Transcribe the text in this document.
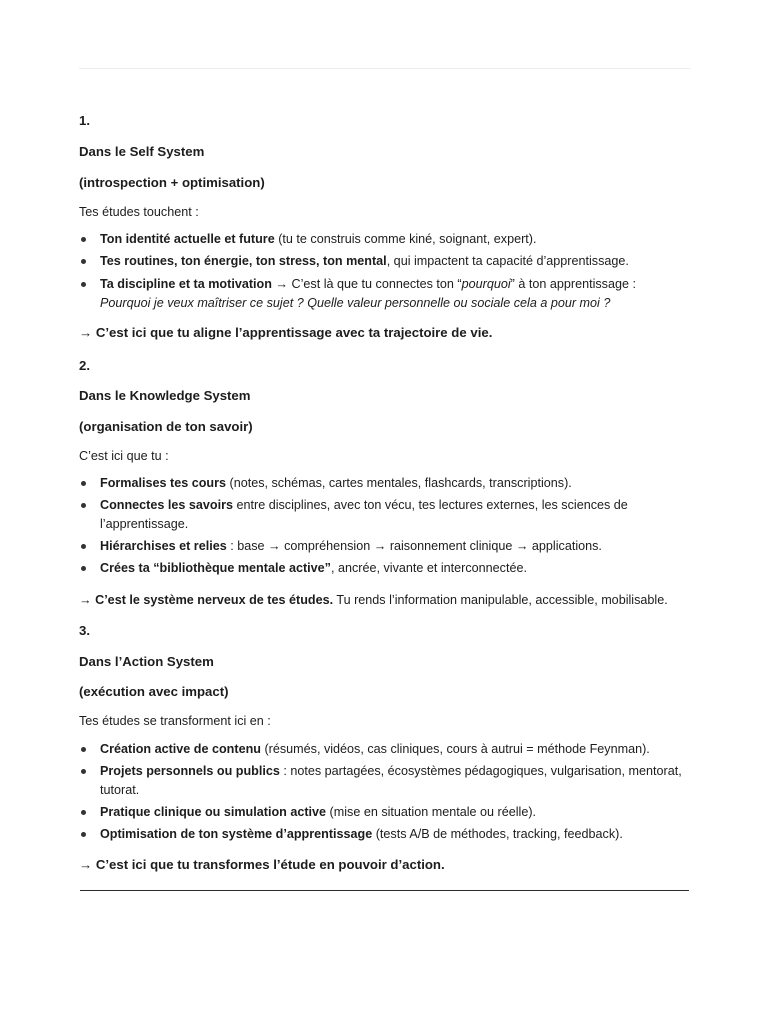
1.
Dans le Self System
(introspection + optimisation)
Tes études touchent :
Ton identité actuelle et future (tu te construis comme kiné, soignant, expert).
Tes routines, ton énergie, ton stress, ton mental, qui impactent ta capacité d’apprentissage.
Ta discipline et ta motivation → C’est là que tu connectes ton “pourquoi” à ton apprentissage :
Pourquoi je veux maîtriser ce sujet ? Quelle valeur personnelle ou sociale cela a pour moi ?
→ C’est ici que tu aligne l’apprentissage avec ta trajectoire de vie.
2.
Dans le Knowledge System
(organisation de ton savoir)
C’est ici que tu :
Formalises tes cours (notes, schémas, cartes mentales, flashcards, transcriptions).
Connectes les savoirs entre disciplines, avec ton vécu, tes lectures externes, les sciences de l’apprentissage.
Hiérarchises et relies : base → compréhension → raisonnement clinique → applications.
Crées ta “bibliothèque mentale active”, ancrée, vivante et interconnectée.
→ C’est le système nerveux de tes études. Tu rends l’information manipulable, accessible, mobilisable.
3.
Dans l’Action System
(exécution avec impact)
Tes études se transforment ici en :
Création active de contenu (résumés, vidéos, cas cliniques, cours à autrui = méthode Feynman).
Projets personnels ou publics : notes partagées, écosystèmes pédagogiques, vulgarisation, mentorat, tutorat.
Pratique clinique ou simulation active (mise en situation mentale ou réelle).
Optimisation de ton système d’apprentissage (tests A/B de méthodes, tracking, feedback).
→ C’est ici que tu transformes l’étude en pouvoir d’action.
